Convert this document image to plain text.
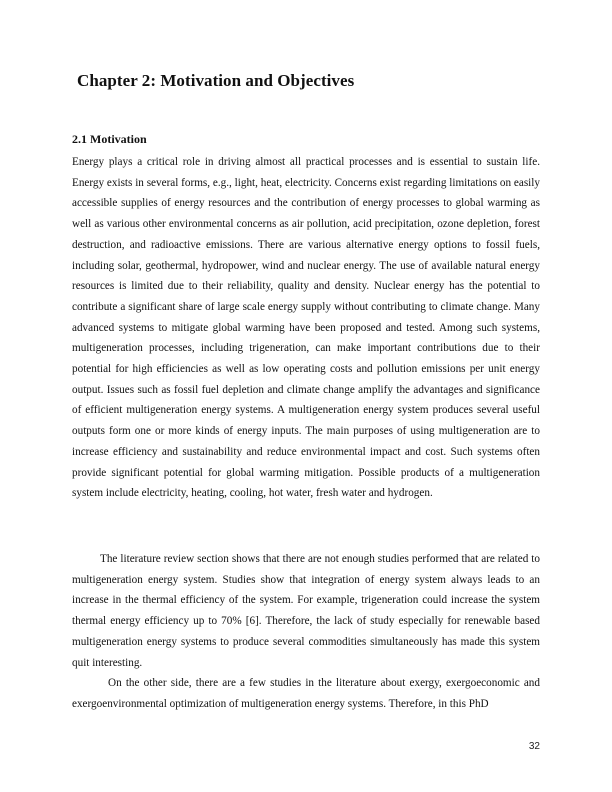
Chapter 2: Motivation and Objectives
2.1 Motivation

Energy plays a critical role in driving almost all practical processes and is essential to sustain life. Energy exists in several forms, e.g., light, heat, electricity. Concerns exist regarding limitations on easily accessible supplies of energy resources and the contribution of energy processes to global warming as well as various other environmental concerns as air pollution, acid precipitation, ozone depletion, forest destruction, and radioactive emissions. There are various alternative energy options to fossil fuels, including solar, geothermal, hydropower, wind and nuclear energy. The use of available natural energy resources is limited due to their reliability, quality and density. Nuclear energy has the potential to contribute a significant share of large scale energy supply without contributing to climate change. Many advanced systems to mitigate global warming have been proposed and tested. Among such systems, multigeneration processes, including trigeneration, can make important contributions due to their potential for high efficiencies as well as low operating costs and pollution emissions per unit energy output. Issues such as fossil fuel depletion and climate change amplify the advantages and significance of efficient multigeneration energy systems. A multigeneration energy system produces several useful outputs form one or more kinds of energy inputs. The main purposes of using multigeneration are to increase efficiency and sustainability and reduce environmental impact and cost. Such systems often provide significant potential for global warming mitigation. Possible products of a multigeneration system include electricity, heating, cooling, hot water, fresh water and hydrogen.

The literature review section shows that there are not enough studies performed that are related to multigeneration energy system. Studies show that integration of energy system always leads to an increase in the thermal efficiency of the system. For example, trigeneration could increase the system thermal energy efficiency up to 70% [6]. Therefore, the lack of study especially for renewable based multigeneration energy systems to produce several commodities simultaneously has made this system quit interesting.

On the other side, there are a few studies in the literature about exergy, exergoeconomic and exergoenvironmental optimization of multigeneration energy systems. Therefore, in this PhD

32
